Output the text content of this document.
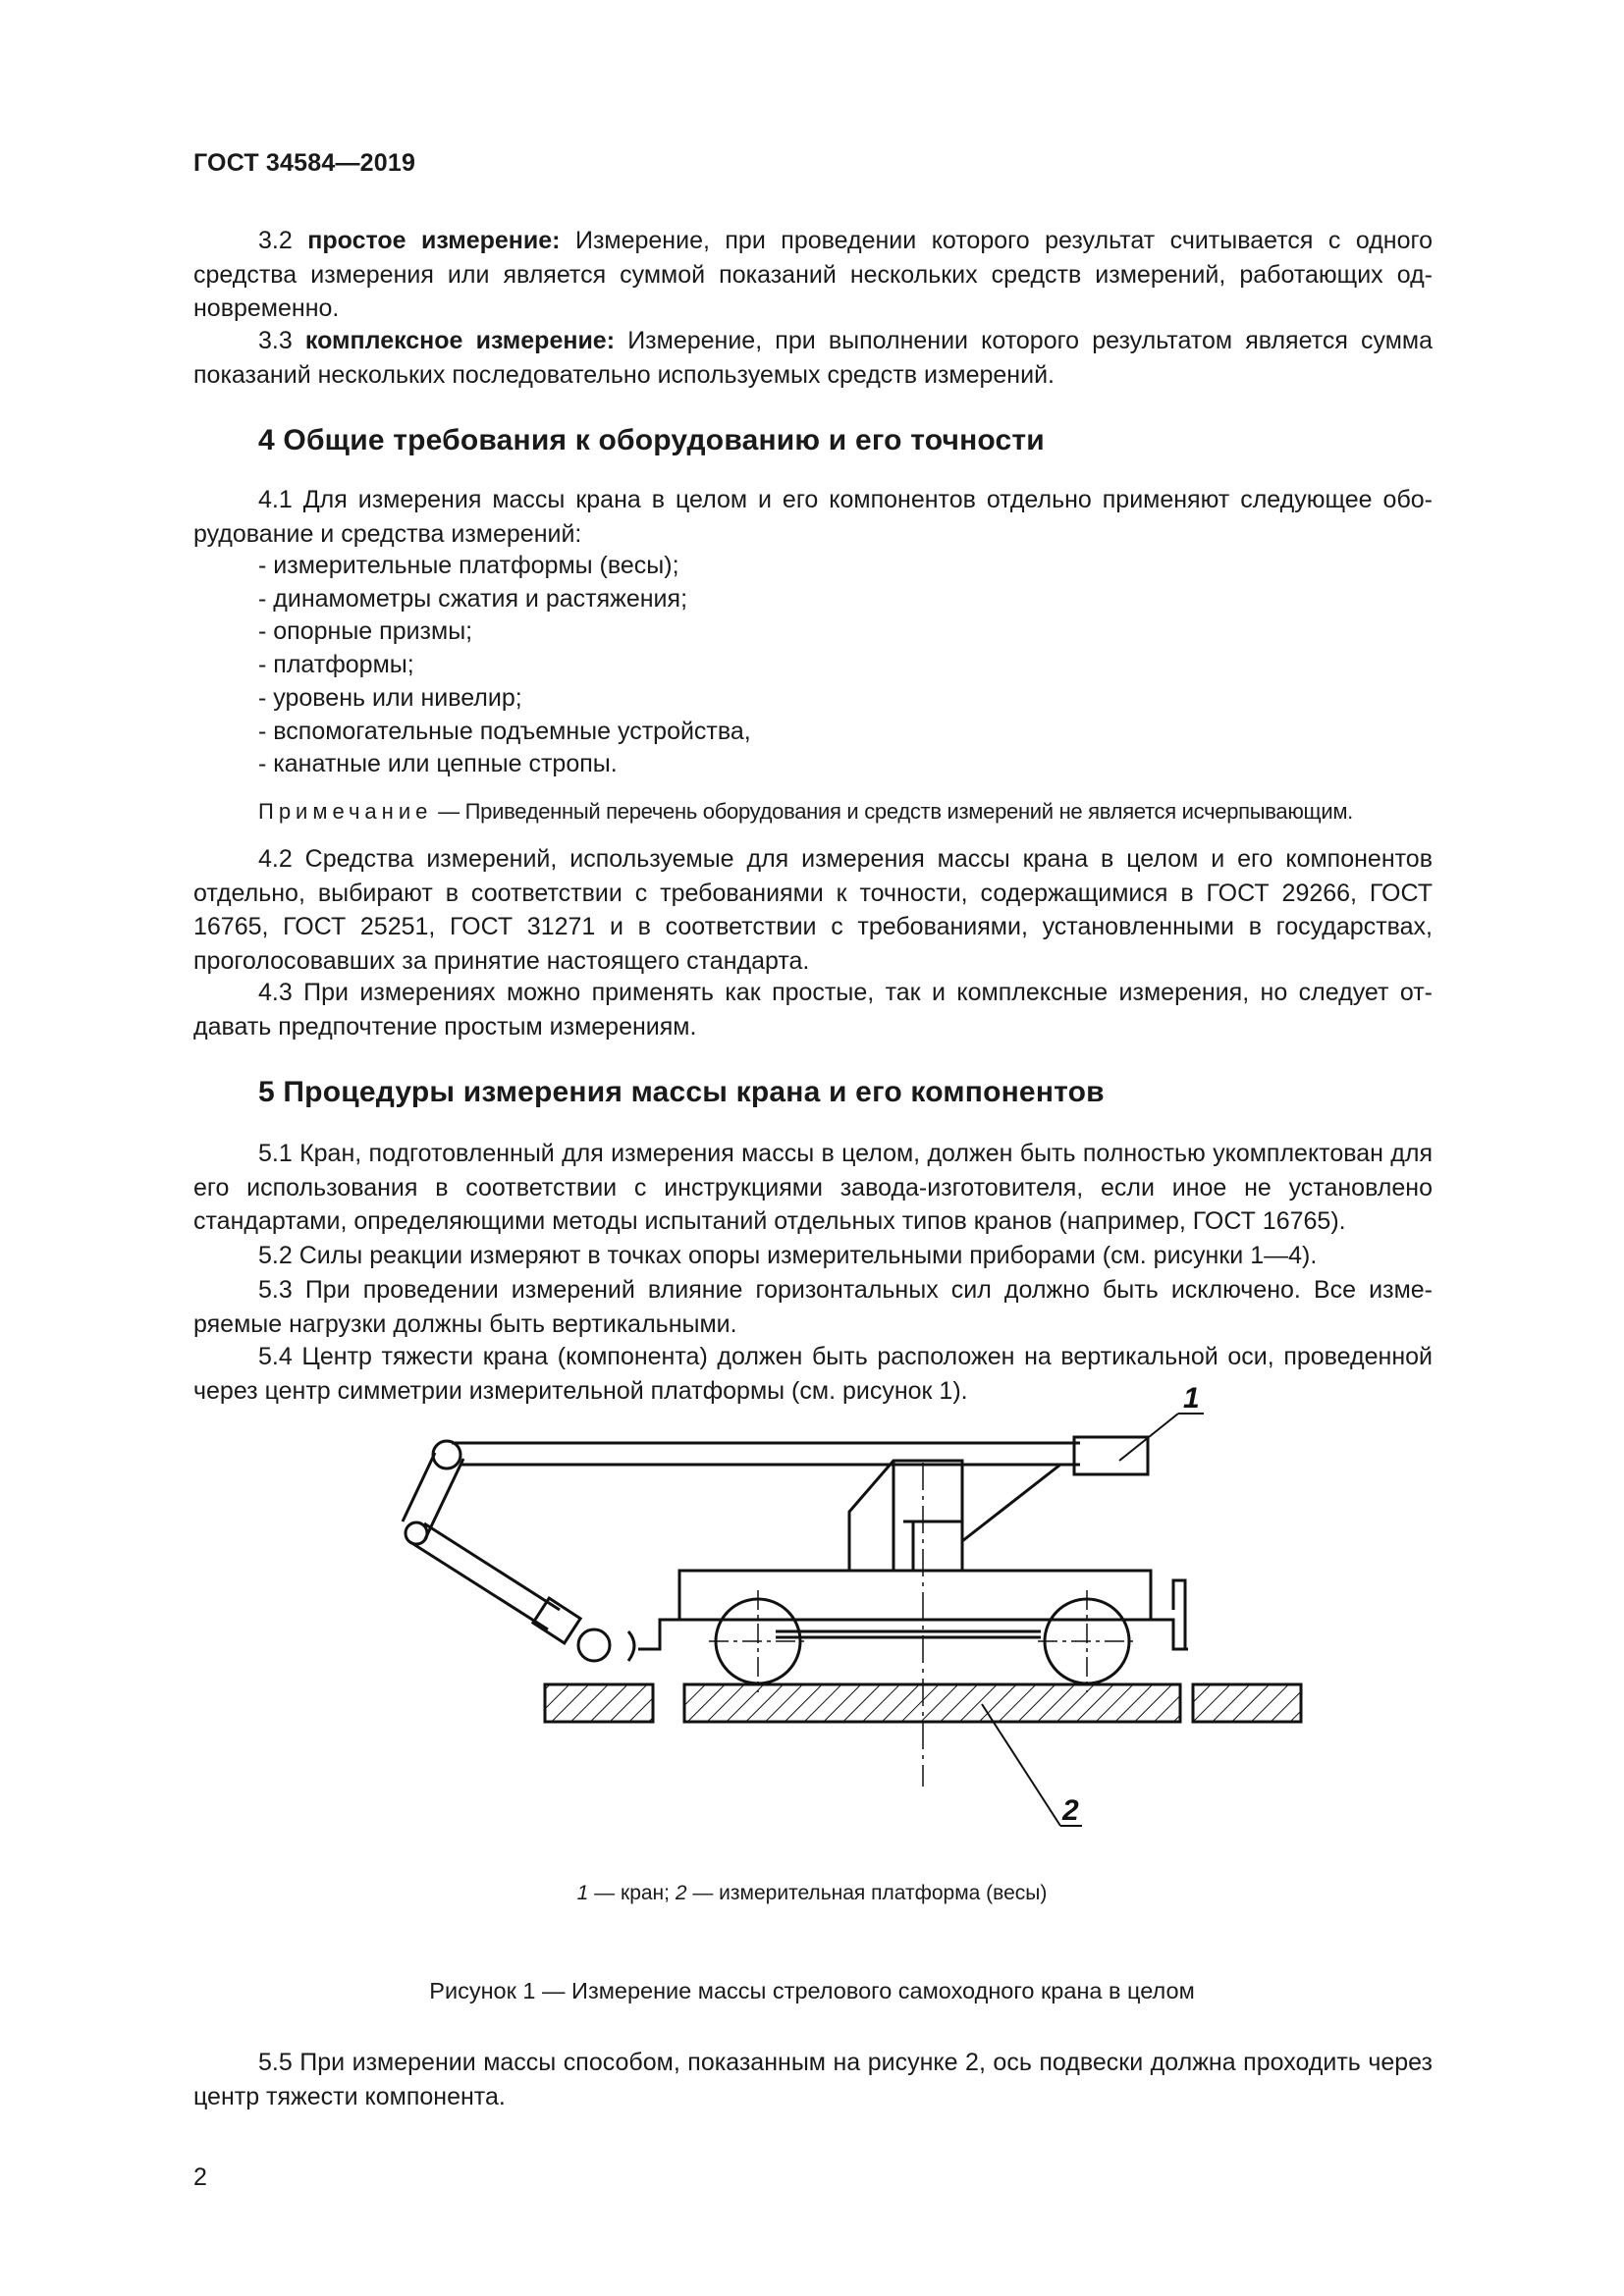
ГОСТ 34584—2019
3.2 простое измерение: Измерение, при проведении которого результат считывается с одного средства измерения или является суммой показаний нескольких средств измерений, работающих одновременно.
3.3 комплексное измерение: Измерение, при выполнении которого результатом является сумма показаний нескольких последовательно используемых средств измерений.
4 Общие требования к оборудованию и его точности
4.1 Для измерения массы крана в целом и его компонентов отдельно применяют следующее оборудование и средства измерений:
- измерительные платформы (весы);
- динамометры сжатия и растяжения;
- опорные призмы;
- платформы;
- уровень или нивелир;
- вспомогательные подъемные устройства,
- канатные или цепные стропы.
Примечание — Приведенный перечень оборудования и средств измерений не является исчерпывающим.
4.2 Средства измерений, используемые для измерения массы крана в целом и его компонентов отдельно, выбирают в соответствии с требованиями к точности, содержащимися в ГОСТ 29266, ГОСТ 16765, ГОСТ 25251, ГОСТ 31271 и в соответствии с требованиями, установленными в государствах, проголосовавших за принятие настоящего стандарта.
4.3 При измерениях можно применять как простые, так и комплексные измерения, но следует отдавать предпочтение простым измерениям.
5 Процедуры измерения массы крана и его компонентов
5.1 Кран, подготовленный для измерения массы в целом, должен быть полностью укомплектован для его использования в соответствии с инструкциями завода-изготовителя, если иное не установлено стандартами, определяющими методы испытаний отдельных типов кранов (например, ГОСТ 16765).
5.2 Силы реакции измеряют в точках опоры измерительными приборами (см. рисунки 1—4).
5.3 При проведении измерений влияние горизонтальных сил должно быть исключено. Все измеряемые нагрузки должны быть вертикальными.
5.4 Центр тяжести крана (компонента) должен быть расположен на вертикальной оси, проведенной через центр симметрии измерительной платформы (см. рисунок 1).	1
2
1 — кран; 2 — измерительная платформа (весы)
Рисунок 1 — Измерение массы стрелового самоходного крана в целом
5.5 При измерении массы способом, показанным на рисунке 2, ось подвески должна проходить через центр тяжести компонента.
2
